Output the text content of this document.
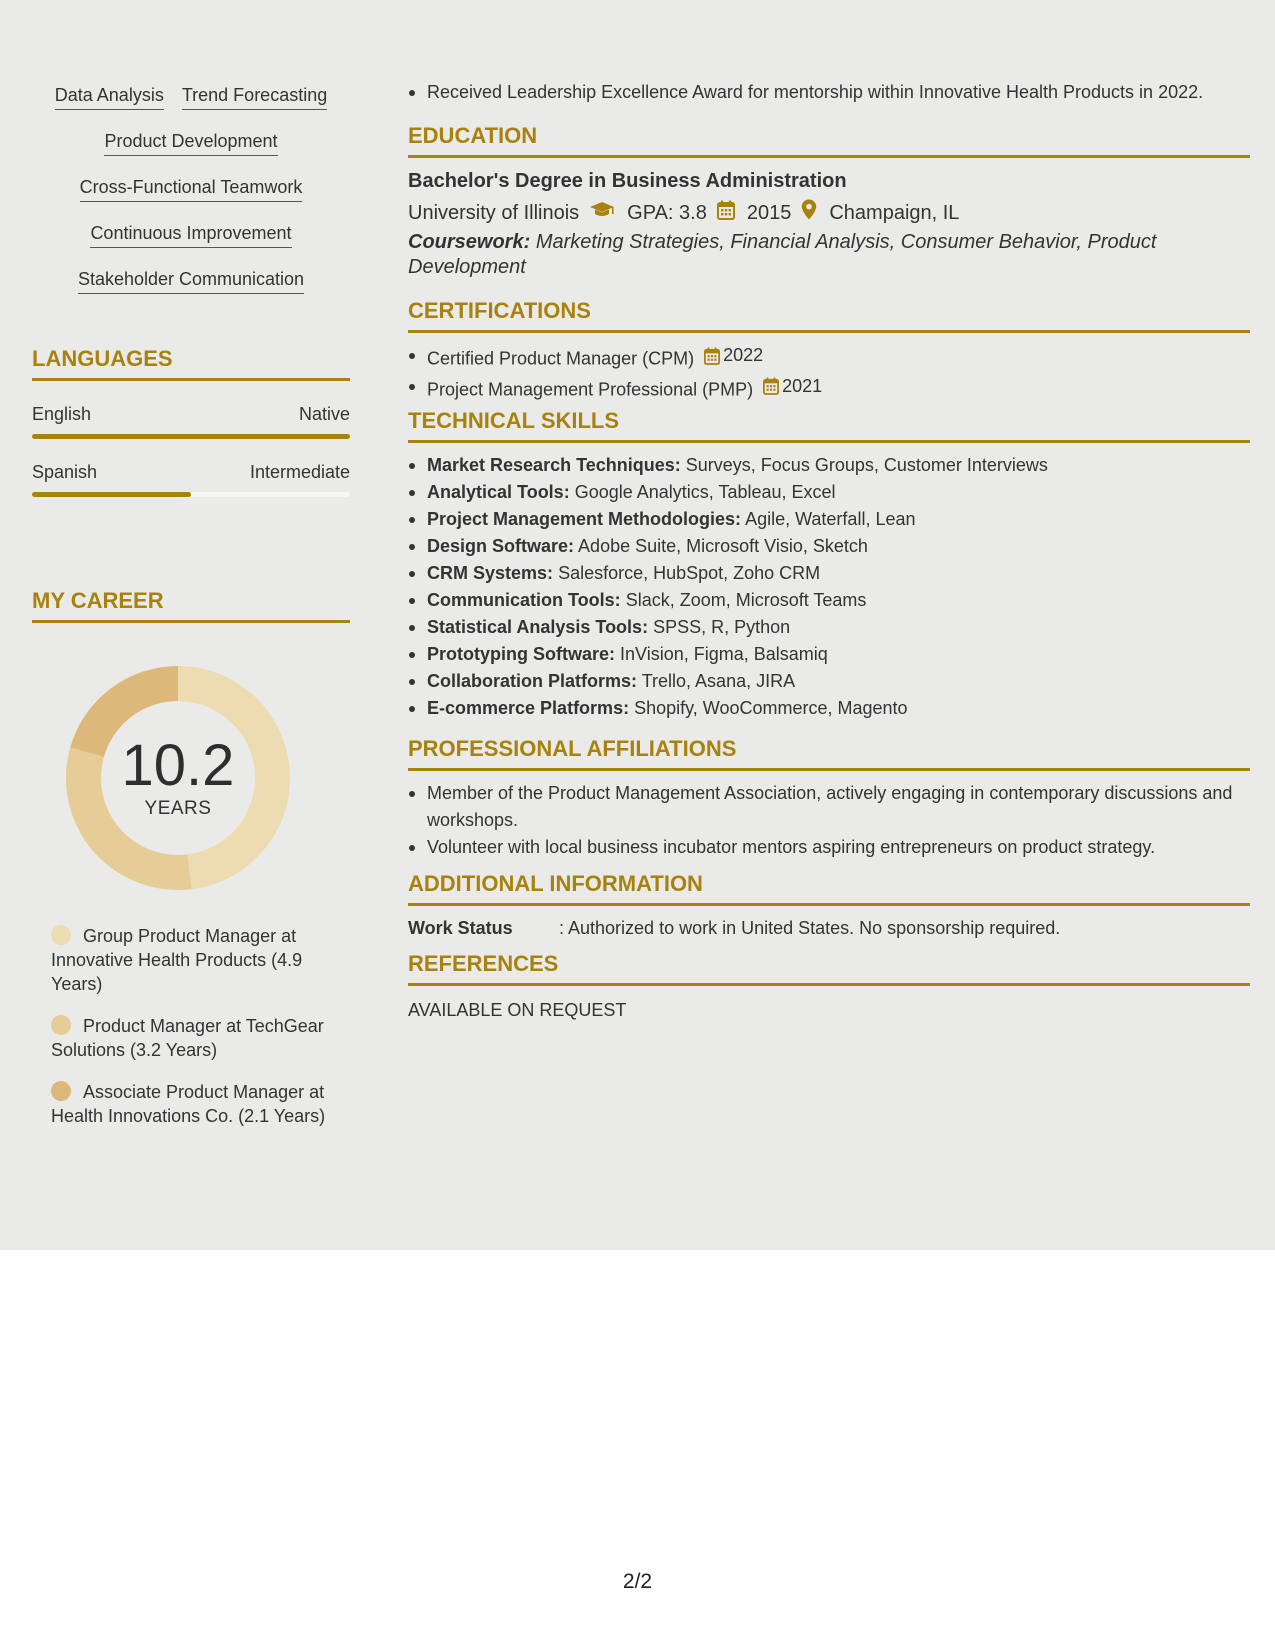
Data Analysis Trend Forecasting
Product Development
Cross-Functional Teamwork
Continuous Improvement
Stakeholder Communication
LANGUAGES
English	Native
Spanish	Intermediate
MY CAREER
10.2
YEARS
Group Product Manager at Innovative Health Products (4.9 Years)
Product Manager at TechGear Solutions (3.2 Years)
Associate Product Manager at Health Innovations Co. (2.1 Years)
Received Leadership Excellence Award for mentorship within Innovative Health Products in 2022.
EDUCATION
Bachelor's Degree in Business Administration
University of Illinois GPA: 3.8 2015 Champaign, IL
Coursework: Marketing Strategies, Financial Analysis, Consumer Behavior, Product Development
CERTIFICATIONS
Certified Product Manager (CPM) 2022
Project Management Professional (PMP) 2021
TECHNICAL SKILLS
Market Research Techniques: Surveys, Focus Groups, Customer Interviews
Analytical Tools: Google Analytics, Tableau, Excel
Project Management Methodologies: Agile, Waterfall, Lean
Design Software: Adobe Suite, Microsoft Visio, Sketch
CRM Systems: Salesforce, HubSpot, Zoho CRM
Communication Tools: Slack, Zoom, Microsoft Teams
Statistical Analysis Tools: SPSS, R, Python
Prototyping Software: InVision, Figma, Balsamiq
Collaboration Platforms: Trello, Asana, JIRA
E-commerce Platforms: Shopify, WooCommerce, Magento
PROFESSIONAL AFFILIATIONS
Member of the Product Management Association, actively engaging in contemporary discussions and workshops.
Volunteer with local business incubator mentors aspiring entrepreneurs on product strategy.
ADDITIONAL INFORMATION
Work Status	: Authorized to work in United States. No sponsorship required.
REFERENCES
AVAILABLE ON REQUEST
2/2
